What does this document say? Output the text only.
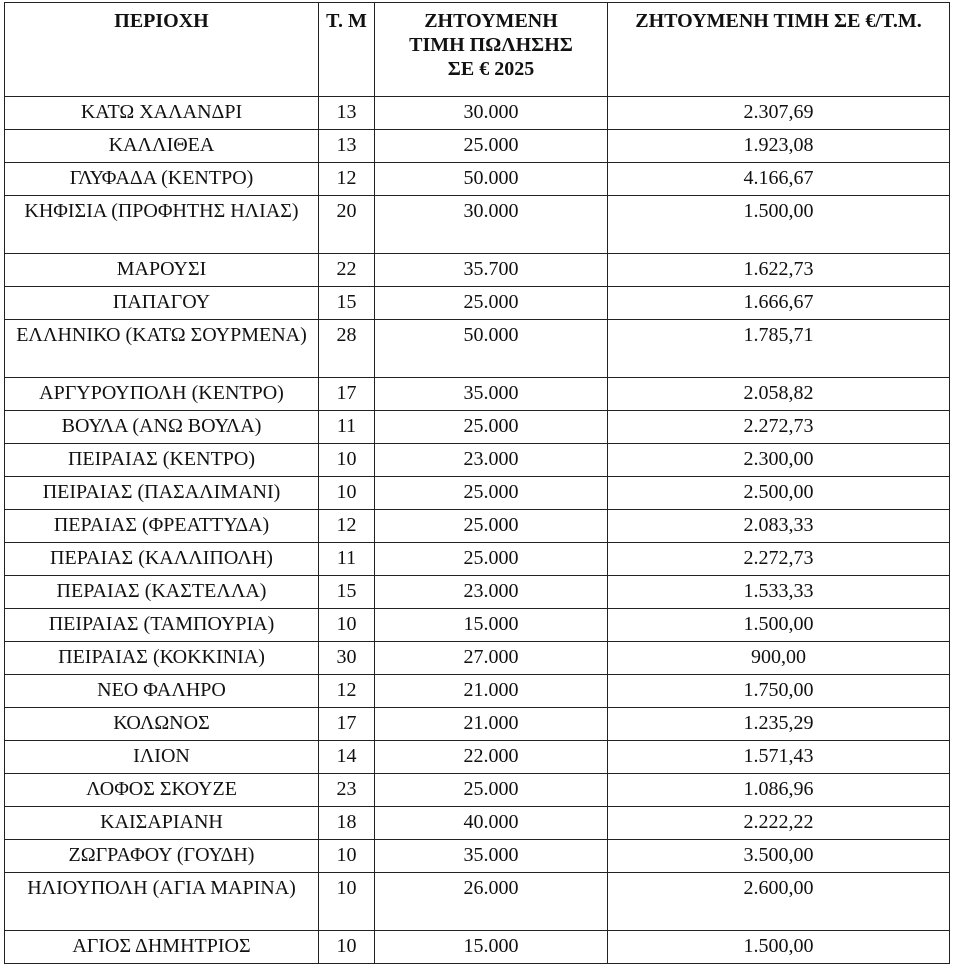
ΠΕΡΙΟΧΗ	Τ. Μ	ΖΗΤΟΥΜΕΝΗ ΤΙΜΗ ΠΩΛΗΣΗΣ ΣΕ € 2025	ΖΗΤΟΥΜΕΝΗ ΤΙΜΗ ΣΕ €/Τ.Μ.
ΚΑΤΩ ΧΑΛΑΝΔΡΙ	13	30.000	2.307,69
ΚΑΛΛΙΘΕΑ	13	25.000	1.923,08
ΓΛΥΦΑΔΑ (ΚΕΝΤΡΟ)	12	50.000	4.166,67
ΚΗΦΙΣΙΑ (ΠΡΟΦΗΤΗΣ ΗΛΙΑΣ)	20	30.000	1.500,00
ΜΑΡΟΥΣΙ	22	35.700	1.622,73
ΠΑΠΑΓΟΥ	15	25.000	1.666,67
ΕΛΛΗΝΙΚΟ (ΚΑΤΩ ΣΟΥΡΜΕΝΑ)	28	50.000	1.785,71
ΑΡΓΥΡΟΥΠΟΛΗ (ΚΕΝΤΡΟ)	17	35.000	2.058,82
ΒΟΥΛΑ (ΑΝΩ ΒΟΥΛΑ)	11	25.000	2.272,73
ΠΕΙΡΑΙΑΣ (ΚΕΝΤΡΟ)	10	23.000	2.300,00
ΠΕΙΡΑΙΑΣ (ΠΑΣΑΛΙΜΑΝΙ)	10	25.000	2.500,00
ΠΕΡΑΙΑΣ (ΦΡΕΑΤΤΥΔΑ)	12	25.000	2.083,33
ΠΕΡΑΙΑΣ (ΚΑΛΛΙΠΟΛΗ)	11	25.000	2.272,73
ΠΕΡΑΙΑΣ (ΚΑΣΤΕΛΛΑ)	15	23.000	1.533,33
ΠΕΙΡΑΙΑΣ (ΤΑΜΠΟΥΡΙΑ)	10	15.000	1.500,00
ΠΕΙΡΑΙΑΣ (ΚΟΚΚΙΝΙΑ)	30	27.000	900,00
ΝΕΟ ΦΑΛΗΡΟ	12	21.000	1.750,00
ΚΟΛΩΝΟΣ	17	21.000	1.235,29
ΙΛΙΟΝ	14	22.000	1.571,43
ΛΟΦΟΣ ΣΚΟΥΖΕ	23	25.000	1.086,96
ΚΑΙΣΑΡΙΑΝΗ	18	40.000	2.222,22
ΖΩΓΡΑΦΟΥ (ΓΟΥΔΗ)	10	35.000	3.500,00
ΗΛΙΟΥΠΟΛΗ (ΑΓΙΑ ΜΑΡΙΝΑ)	10	26.000	2.600,00
ΑΓΙΟΣ ΔΗΜΗΤΡΙΟΣ	10	15.000	1.500,00
